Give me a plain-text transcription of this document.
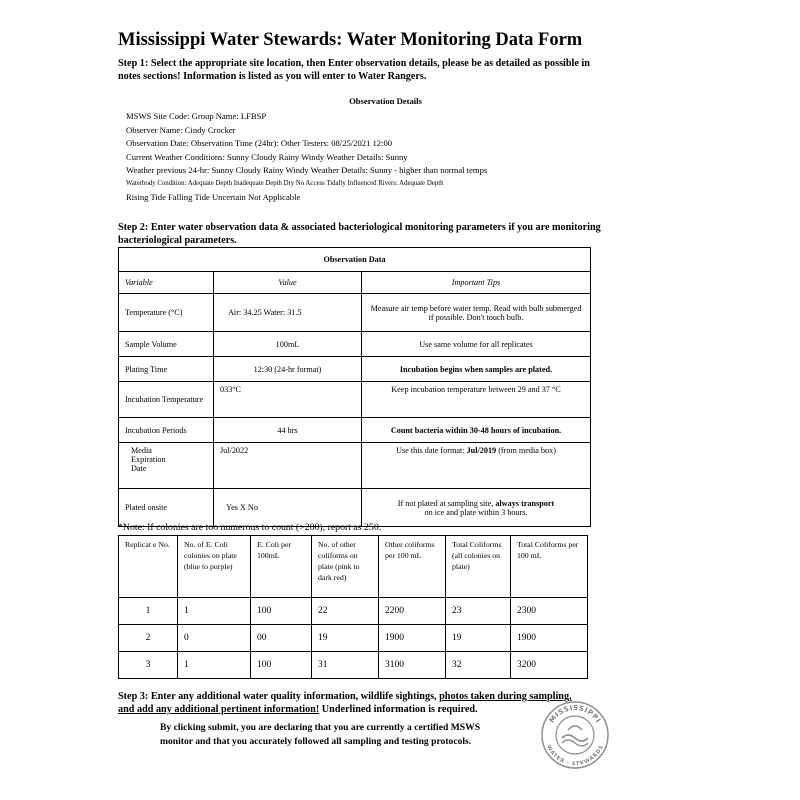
Mississippi Water Stewards: Water Monitoring Data Form
Step 1: Select the appropriate site location, then Enter observation details, please be as detailed as possible in
notes sections! Information is listed as you will enter to Water Rangers.
Observation Details
MSWS Site Code: Group Name: LFBSP
Observer Name: Cindy Crocker
Observation Date: Observation Time (24hr): Other Testers: 08/25/2021 12:00
Current Weather Conditions: Sunny Cloudy Rainy Windy Weather Details: Sunny
Weather previous 24-hr: Sunny Cloudy Rainy Windy Weather Details: Sunny - higher than normal temps
Waterbody Condition: Adequate Depth Inadequate Depth Dry No Access Tidally Influenced Rivers: Adequate Depth
Rising Tide Falling Tide Uncertain Not Applicable
Step 2: Enter water observation data & associated bacteriological monitoring parameters if you are monitoring
bacteriological parameters.
Observation Data		
Variable	Value	Important Tips
Temperature (°C)	Air: 34.25 Water: 31.5	Measure air temp before water temp. Read with bulb submerged if possible. Don't touch bulb.
Sample Volume	100mL	Use same volume for all replicates
Plating Time	12:30 (24-hr format)	Incubation begins when samples are plated.
Incubation Temperature	033°C	Keep incubation temperature between 29 and 37 °C
Incubation Periods	44 hrs	Count bacteria within 30-48 hours of incubation.
Media Expiration Date	Jul/2022	Use this date format: Jul/2019 (from media box)
Plated onsite	Yes X No	If not plated at sampling site, always transport
on ice and plate within 3 hours.
*Note: If colonies are too numerous to count (>200), report as 250.
Replicat e No.	No. of E. Coli colonies on plate (blue to purple)	E. Coli per 100mL	No. of other coliforms on plate (pink to dark red)	Other coliforms per 100 mL	Total Coliforms (all colonies on plate)	Total Coliforms per 100 mL
1	1	100	22	2200	23	2300
2	0	00	19	1900	19	1900
3	1	100	31	3100	32	3200
Step 3: Enter any additional water quality information, wildlife sightings, photos taken during sampling,
and add any additional pertinent information! Underlined information is required.
By clicking submit, you are declaring that you are currently a certified MSWS
monitor and that you accurately followed all sampling and testing protocols.
MISSISSIPPI
WATER · STEWARDS
